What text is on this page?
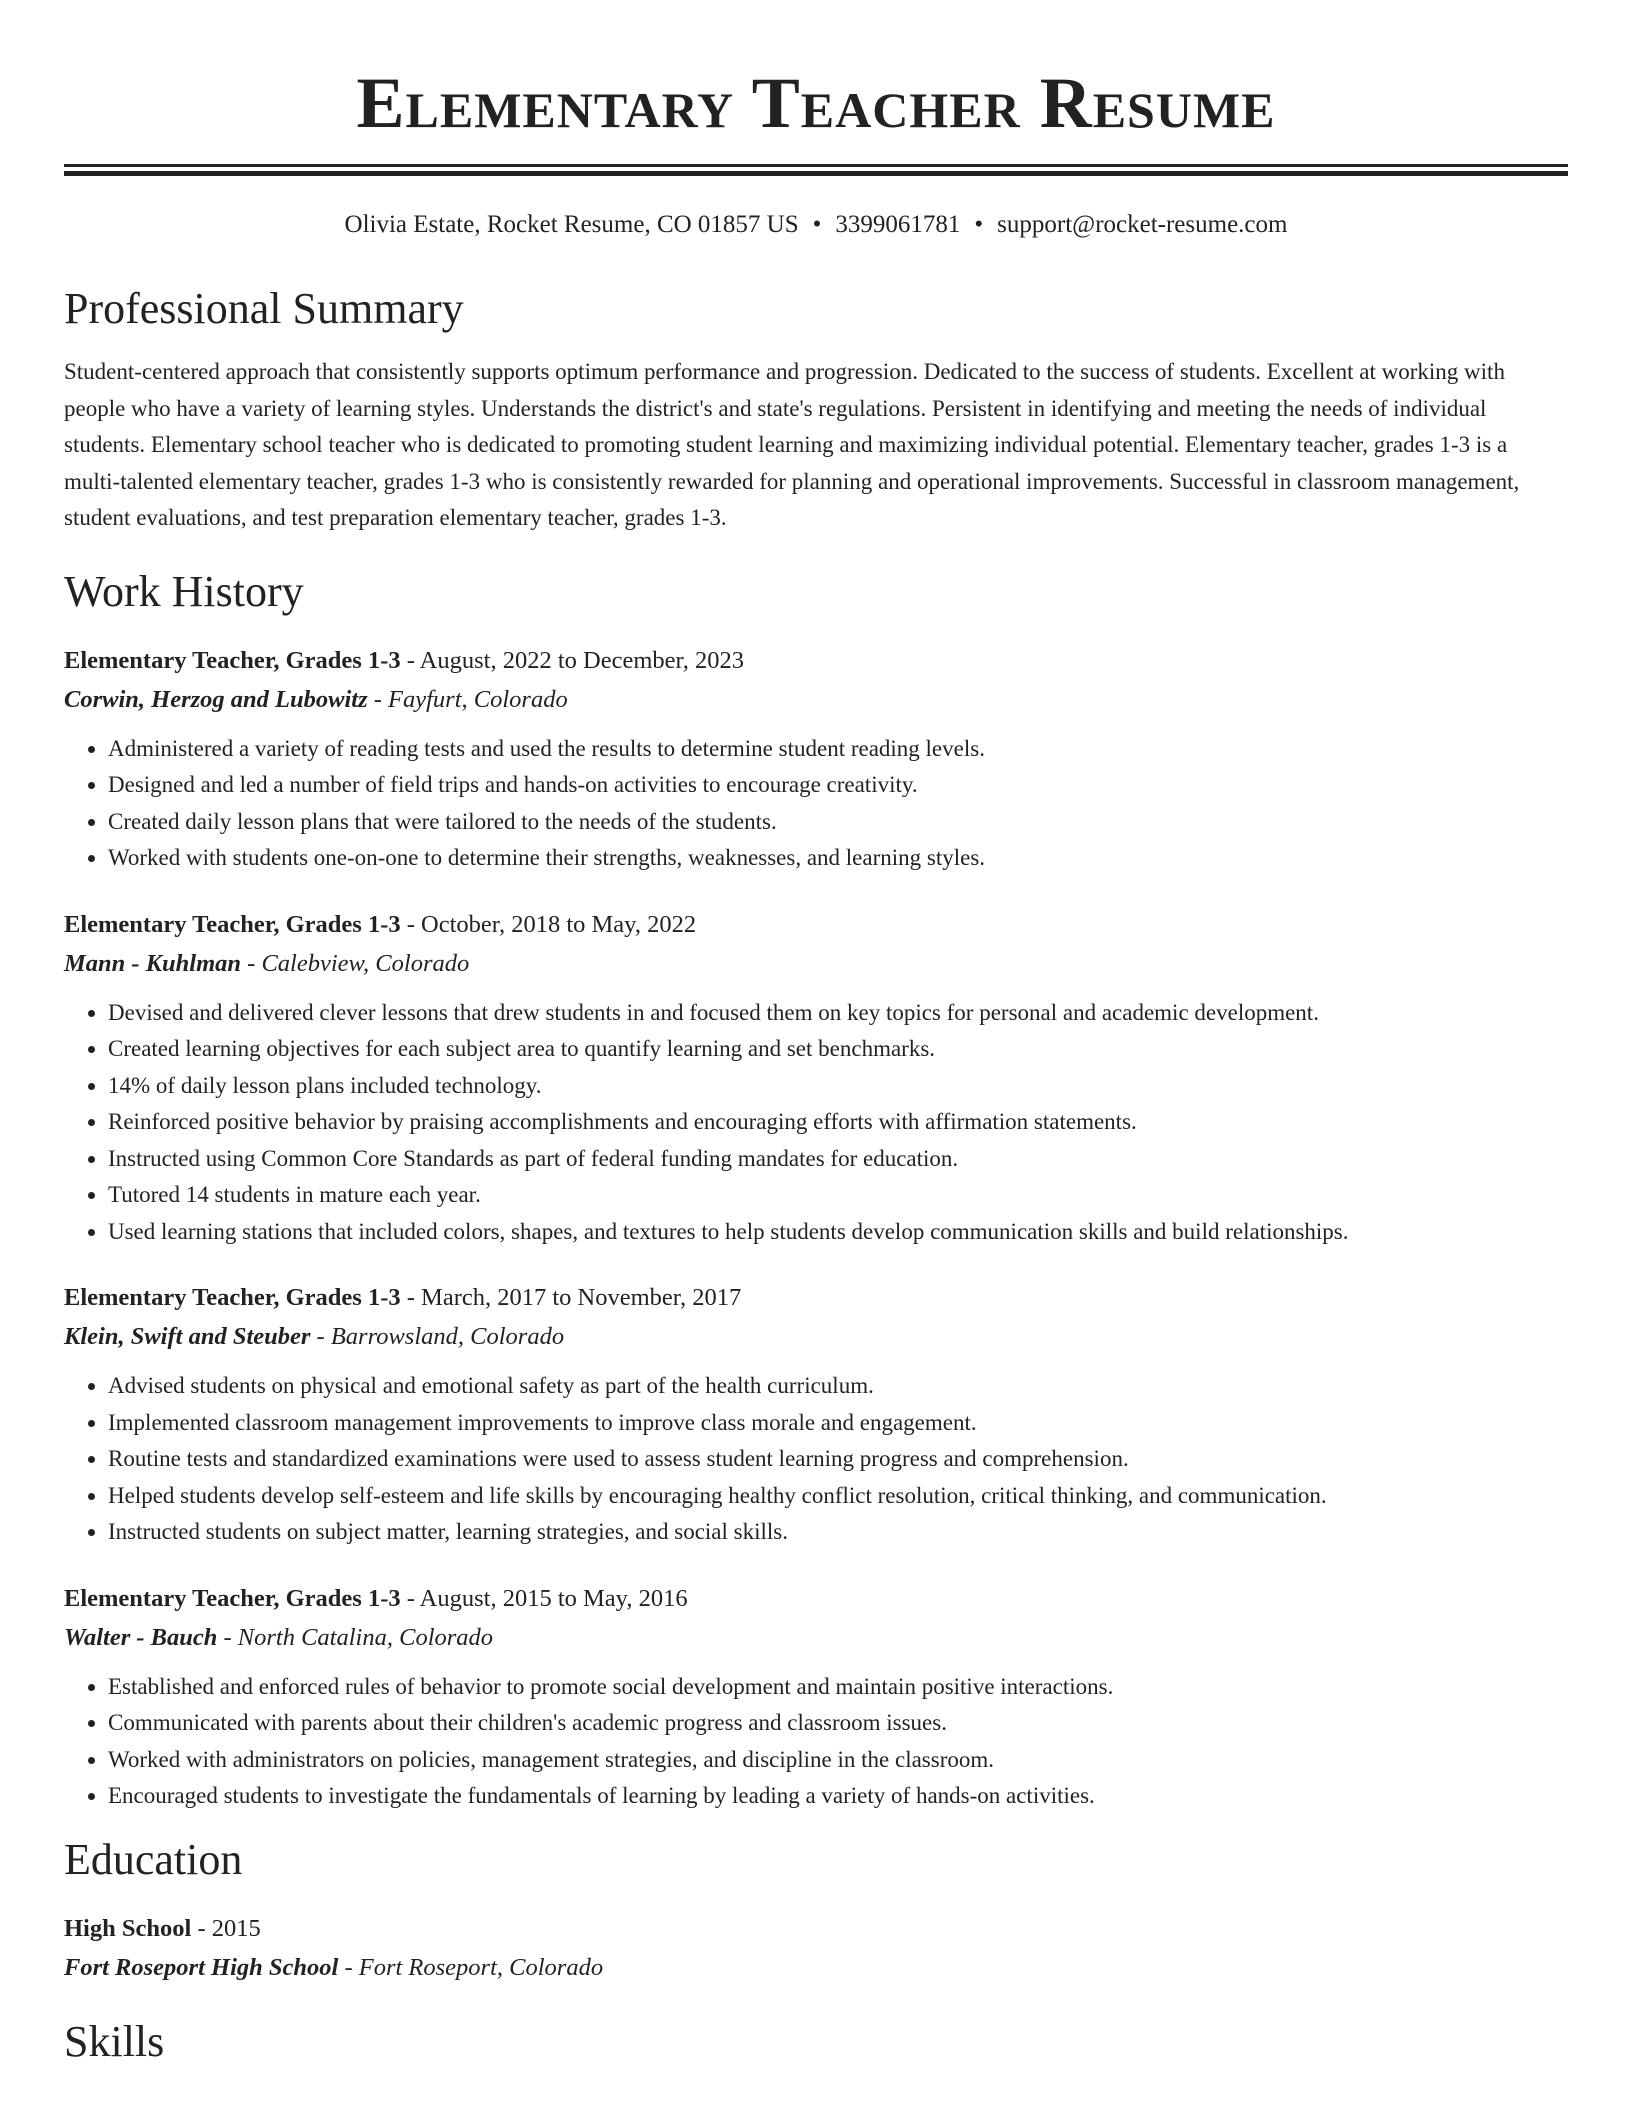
Elementary Teacher Resume
Olivia Estate, Rocket Resume, CO 01857 US • 3399061781 • support@rocket-resume.com
Professional Summary

Student-centered approach that consistently supports optimum performance and progression. Dedicated to the success of students. Excellent at working with people who have a variety of learning styles. Understands the district's and state's regulations. Persistent in identifying and meeting the needs of individual students. Elementary school teacher who is dedicated to promoting student learning and maximizing individual potential. Elementary teacher, grades 1-3 is a multi-talented elementary teacher, grades 1-3 who is consistently rewarded for planning and operational improvements. Successful in classroom management, student evaluations, and test preparation elementary teacher, grades 1-3.

Work History
Elementary Teacher, Grades 1-3 - August, 2022 to December, 2023
Corwin, Herzog and Lubowitz - Fayfurt, Colorado
• Administered a variety of reading tests and used the results to determine student reading levels.
• Designed and led a number of field trips and hands-on activities to encourage creativity.
• Created daily lesson plans that were tailored to the needs of the students.
• Worked with students one-on-one to determine their strengths, weaknesses, and learning styles.
Elementary Teacher, Grades 1-3 - October, 2018 to May, 2022
Mann - Kuhlman - Calebview, Colorado
• Devised and delivered clever lessons that drew students in and focused them on key topics for personal and academic development.
• Created learning objectives for each subject area to quantify learning and set benchmarks.
• 14% of daily lesson plans included technology.
• Reinforced positive behavior by praising accomplishments and encouraging efforts with affirmation statements.
• Instructed using Common Core Standards as part of federal funding mandates for education.
• Tutored 14 students in mature each year.
• Used learning stations that included colors, shapes, and textures to help students develop communication skills and build relationships.
Elementary Teacher, Grades 1-3 - March, 2017 to November, 2017
Klein, Swift and Steuber - Barrowsland, Colorado
• Advised students on physical and emotional safety as part of the health curriculum.
• Implemented classroom management improvements to improve class morale and engagement.
• Routine tests and standardized examinations were used to assess student learning progress and comprehension.
• Helped students develop self-esteem and life skills by encouraging healthy conflict resolution, critical thinking, and communication.
• Instructed students on subject matter, learning strategies, and social skills.
Elementary Teacher, Grades 1-3 - August, 2015 to May, 2016
Walter - Bauch - North Catalina, Colorado
• Established and enforced rules of behavior to promote social development and maintain positive interactions.
• Communicated with parents about their children's academic progress and classroom issues.
• Worked with administrators on policies, management strategies, and discipline in the classroom.
• Encouraged students to investigate the fundamentals of learning by leading a variety of hands-on activities.
Education
High School - 2015
Fort Roseport High School - Fort Roseport, Colorado
Skills
